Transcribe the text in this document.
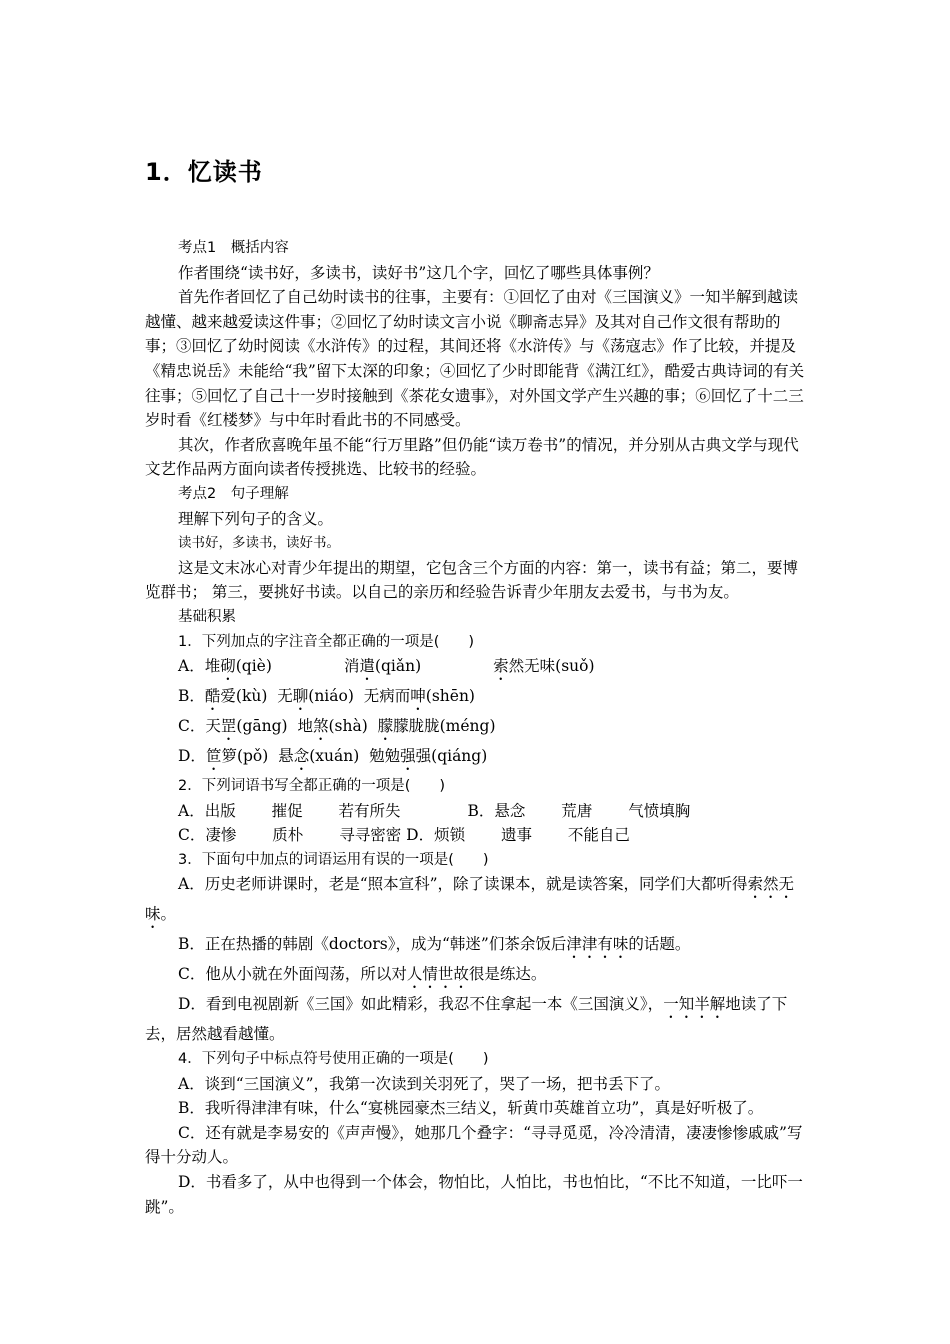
1．忆读书

考点1　概括内容

作者围绕“读书好，多读书，读好书”这几个字，回忆了哪些具体事例？

首先作者回忆了自己幼时读书的往事，主要有：①回忆了由对《三国演义》一知半解到越读越懂、越来越爱读这件事；②回忆了幼时读文言小说《聊斋志异》及其对自己作文很有帮助的事；③回忆了幼时阅读《水浒传》的过程，其间还将《水浒传》与《荡寇志》作了比较，并提及《精忠说岳》未能给“我”留下太深的印象；④回忆了少时即能背《满江红》，酷爱古典诗词的有关往事；⑤回忆了自己十一岁时接触到《茶花女遗事》，对外国文学产生兴趣的事；⑥回忆了十二三岁时看《红楼梦》与中年时看此书的不同感受。

其次，作者欣喜晚年虽不能“行万里路”但仍能“读万卷书”的情况，并分别从古典文学与现代文艺作品两方面向读者传授挑选、比较书的经验。

考点2　句子理解

理解下列句子的含义。

读书好，多读书，读好书。

这是文末冰心对青少年提出的期望，它包含三个方面的内容：第一，读书有益；第二，要博览群书； 第三，要挑好书读。以自己的亲历和经验告诉青少年朋友去爱书，与书为友。

基础积累

1．下列加点的字注音全都正确的一项是(　　)

A．堆砌(qiè)	消遣(qiǎn)	索然无味(suǒ)

B．酷爱(kù) 无聊(niáo) 无病而呻(shēn)

C．天罡(gāng) 地煞(shà) 朦朦胧胧(méng)

D．笸箩(pǒ) 悬念(xuán) 勉勉强强(qiáng)

2．下列词语书写全都正确的一项是(　　)

A．出版　　 摧促　　 若有所失　　　　 B．悬念　　 荒唐　　 气愤填胸

C．凄惨　　 质朴　　 寻寻密密 D．烦锁　　 遗事　　 不能自己

3．下面句中加点的词语运用有误的一项是(　　)

A．历史老师讲课时，老是“照本宣科”，除了读课本，就是读答案，同学们大都听得索然无味。

B．正在热播的韩剧《doctors》，成为“韩迷”们茶余饭后津津有味的话题。

C．他从小就在外面闯荡，所以对人情世故很是练达。

D．看到电视剧新《三国》如此精彩，我忍不住拿起一本《三国演义》，一知半解地读了下去，居然越看越懂。

4．下列句子中标点符号使用正确的一项是(　　)

A．谈到“三国演义”，我第一次读到关羽死了，哭了一场，把书丢下了。

B．我听得津津有味，什么“宴桃园豪杰三结义，斩黄巾英雄首立功”，真是好听极了。

C．还有就是李易安的《声声慢》，她那几个叠字：“寻寻觅觅，冷冷清清，凄凄惨惨戚戚”写得十分动人。

D．书看多了，从中也得到一个体会，物怕比，人怕比，书也怕比，“不比不知道，一比吓一跳”。
